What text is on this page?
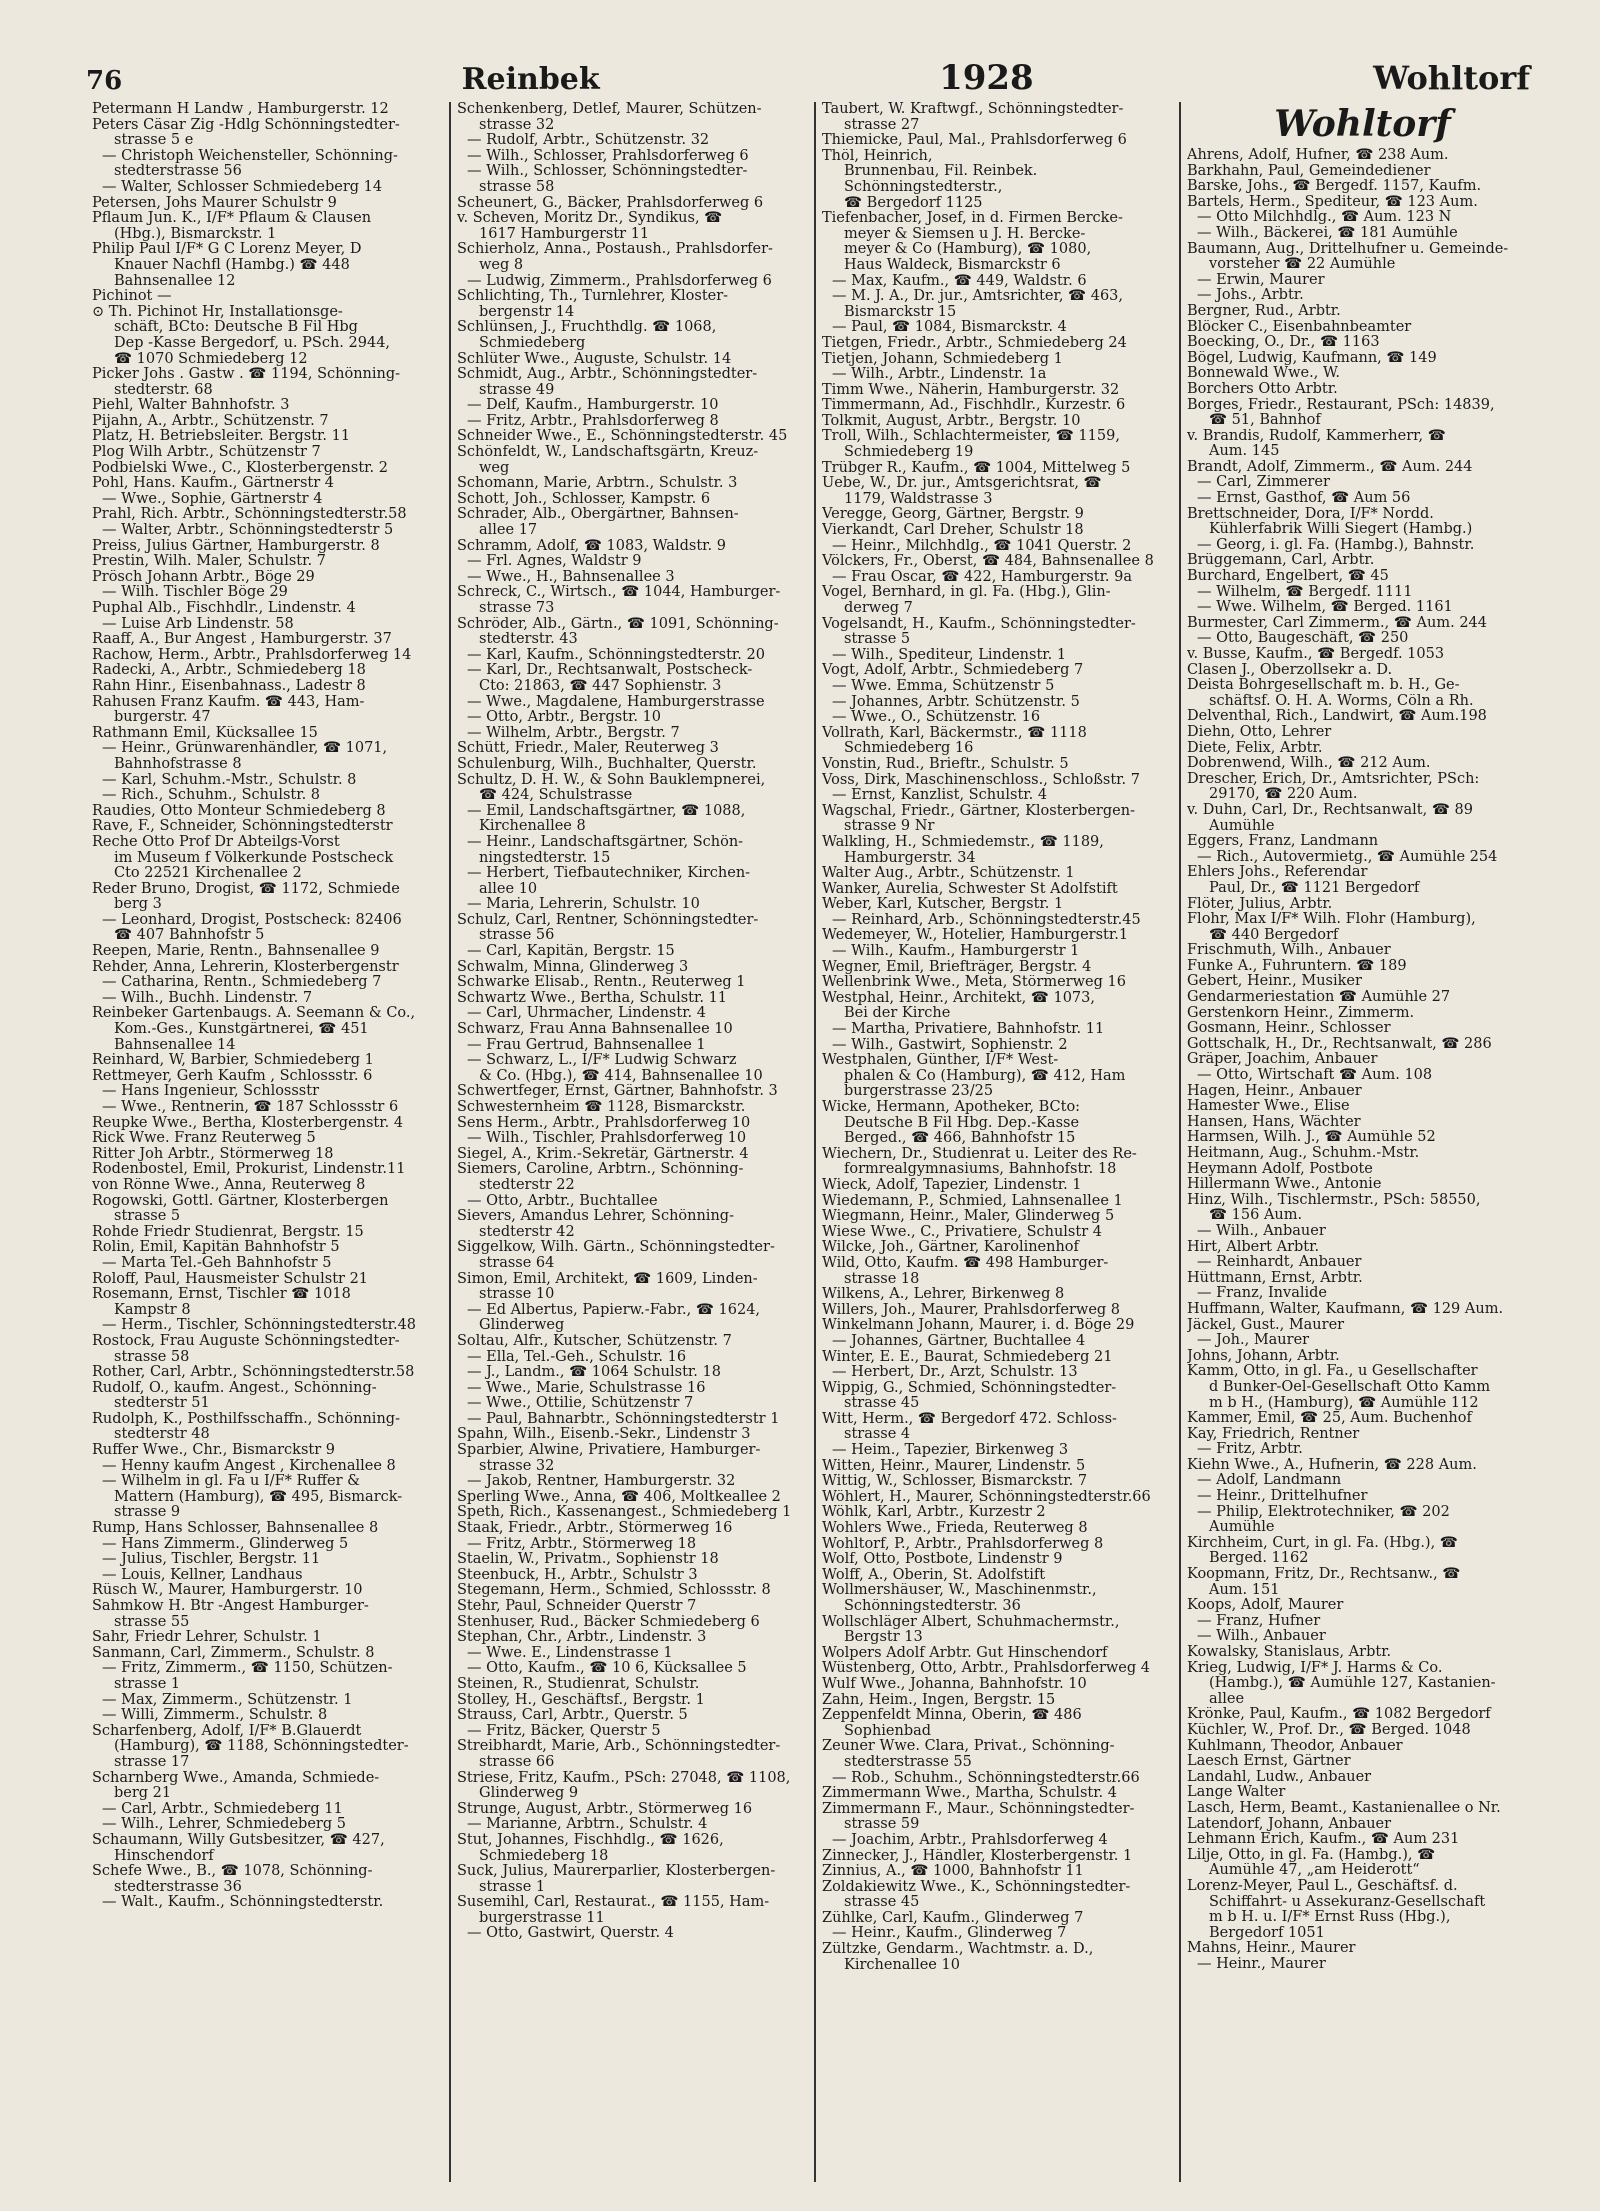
76	Reinbek	1928	Wohltorf
Petermann H Landw , Hamburgerstr. 12
Peters Cäsar Zig -Hdlg Schönningstedter-
strasse 5 e
— Christoph Weichensteller, Schönning-
stedterstrasse 56
— Walter, Schlosser Schmiedeberg 14
Petersen, Johs Maurer Schulstr 9
Pflaum Jun. K., I/F* Pflaum & Clausen
(Hbg.), Bismarckstr. 1
Philip Paul I/F* G C Lorenz Meyer, D
Knauer Nachfl (Hambg.) ☎ 448
Bahnsenallee 12
Pichinot —
⊙ Th. Pichinot Hr, Installationsge-
schäft, BCto: Deutsche B Fil Hbg
Dep -Kasse Bergedorf, u. PSch. 2944,
☎ 1070 Schmiedeberg 12
Picker Johs . Gastw . ☎ 1194, Schönning-
stedterstr. 68
Piehl, Walter Bahnhofstr. 3
Pijahn, A., Arbtr., Schützenstr. 7
Platz, H. Betriebsleiter. Bergstr. 11
Plog Wilh Arbtr., Schützenstr 7
Podbielski Wwe., C., Klosterbergenstr. 2
Pohl, Hans. Kaufm., Gärtnerstr 4
— Wwe., Sophie, Gärtnerstr 4
Prahl, Rich. Arbtr., Schönningstedterstr.58
— Walter, Arbtr., Schönningstedterstr 5
Preiss, Julius Gärtner, Hamburgerstr. 8
Prestin, Wilh. Maler, Schulstr. 7
Prösch Johann Arbtr., Böge 29
— Wilh. Tischler Böge 29
Puphal Alb., Fischhdlr., Lindenstr. 4
— Luise Arb Lindenstr. 58
Raaff, A., Bur Angest , Hamburgerstr. 37
Rachow, Herm., Arbtr., Prahlsdorferweg 14
Radecki, A., Arbtr., Schmiedeberg 18
Rahn Hinr., Eisenbahnass., Ladestr 8
Rahusen Franz Kaufm. ☎ 443, Ham-
burgerstr. 47
Rathmann Emil, Kücksallee 15
— Heinr., Grünwarenhändler, ☎ 1071,
Bahnhofstrasse 8
— Karl, Schuhm.-Mstr., Schulstr. 8
— Rich., Schuhm., Schulstr. 8
Raudies, Otto Monteur Schmiedeberg 8
Rave, F., Schneider, Schönningstedterstr
Reche Otto Prof Dr Abteilgs-Vorst
im Museum f Völkerkunde Postscheck
Cto 22521 Kirchenallee 2
Reder Bruno, Drogist, ☎ 1172, Schmiede
berg 3
— Leonhard, Drogist, Postscheck: 82406
☎ 407 Bahnhofstr 5
Reepen, Marie, Rentn., Bahnsenallee 9
Rehder, Anna, Lehrerin, Klosterbergenstr
— Catharina, Rentn., Schmiedeberg 7
— Wilh., Buchh. Lindenstr. 7
Reinbeker Gartenbaugs. A. Seemann & Co.,
Kom.-Ges., Kunstgärtnerei, ☎ 451
Bahnsenallee 14
Reinhard, W, Barbier, Schmiedeberg 1
Rettmeyer, Gerh Kaufm , Schlossstr. 6
— Hans Ingenieur, Schlossstr
— Wwe., Rentnerin, ☎ 187 Schlossstr 6
Reupke Wwe., Bertha, Klosterbergenstr. 4
Rick Wwe. Franz Reuterweg 5
Ritter Joh Arbtr., Störmerweg 18
Rodenbostel, Emil, Prokurist, Lindenstr.11
von Rönne Wwe., Anna, Reuterweg 8
Rogowski, Gottl. Gärtner, Klosterbergen
strasse 5
Rohde Friedr Studienrat, Bergstr. 15
Rolin, Emil, Kapitän Bahnhofstr 5
— Marta Tel.-Geh Bahnhofstr 5
Roloff, Paul, Hausmeister Schulstr 21
Rosemann, Ernst, Tischler ☎ 1018
Kampstr 8
— Herm., Tischler, Schönningstedterstr.48
Rostock, Frau Auguste Schönningstedter-
strasse 58
Rother, Carl, Arbtr., Schönningstedterstr.58
Rudolf, O., kaufm. Angest., Schönning-
stedterstr 51
Rudolph, K., Posthilfsschaffn., Schönning-
stedterstr 48
Ruffer Wwe., Chr., Bismarckstr 9
— Henny kaufm Angest , Kirchenallee 8
— Wilhelm in gl. Fa u I/F* Ruffer &
Mattern (Hamburg), ☎ 495, Bismarck-
strasse 9
Rump, Hans Schlosser, Bahnsenallee 8
— Hans Zimmerm., Glinderweg 5
— Julius, Tischler, Bergstr. 11
— Louis, Kellner, Landhaus
Rüsch W., Maurer, Hamburgerstr. 10
Sahmkow H. Btr -Angest Hamburger-
strasse 55
Sahr, Friedr Lehrer, Schulstr. 1
Sanmann, Carl, Zimmerm., Schulstr. 8
— Fritz, Zimmerm., ☎ 1150, Schützen-
strasse 1
— Max, Zimmerm., Schützenstr. 1
— Willi, Zimmerm., Schulstr. 8
Scharfenberg, Adolf, I/F* B.Glauerdt
(Hamburg), ☎ 1188, Schönningstedter-
strasse 17
Scharnberg Wwe., Amanda, Schmiede-
berg 21
— Carl, Arbtr., Schmiedeberg 11
— Wilh., Lehrer, Schmiedeberg 5
Schaumann, Willy Gutsbesitzer, ☎ 427,
Hinschendorf
Schefe Wwe., B., ☎ 1078, Schönning-
stedterstrasse 36
— Walt., Kaufm., Schönningstedterstr.
Schenkenberg, Detlef, Maurer, Schützen-
strasse 32
— Rudolf, Arbtr., Schützenstr. 32
— Wilh., Schlosser, Prahlsdorferweg 6
— Wilh., Schlosser, Schönningstedter-
strasse 58
Scheunert, G., Bäcker, Prahlsdorferweg 6
v. Scheven, Moritz Dr., Syndikus, ☎
1617 Hamburgerstr 11
Schierholz, Anna., Postaush., Prahlsdorfer-
weg 8
— Ludwig, Zimmerm., Prahlsdorferweg 6
Schlichting, Th., Turnlehrer, Kloster-
bergenstr 14
Schlünsen, J., Fruchthdlg. ☎ 1068,
Schmiedeberg
Schlüter Wwe., Auguste, Schulstr. 14
Schmidt, Aug., Arbtr., Schönningstedter-
strasse 49
— Delf, Kaufm., Hamburgerstr. 10
— Fritz, Arbtr., Prahlsdorferweg 8
Schneider Wwe., E., Schönningstedterstr. 45
Schönfeldt, W., Landschaftsgärtn, Kreuz-
weg
Schomann, Marie, Arbtrn., Schulstr. 3
Schott, Joh., Schlosser, Kampstr. 6
Schrader, Alb., Obergärtner, Bahnsen-
allee 17
Schramm, Adolf, ☎ 1083, Waldstr. 9
— Frl. Agnes, Waldstr 9
— Wwe., H., Bahnsenallee 3
Schreck, C., Wirtsch., ☎ 1044, Hamburger-
strasse 73
Schröder, Alb., Gärtn., ☎ 1091, Schönning-
stedterstr. 43
— Karl, Kaufm., Schönningstedterstr. 20
— Karl, Dr., Rechtsanwalt, Postscheck-
Cto: 21863, ☎ 447 Sophienstr. 3
— Wwe., Magdalene, Hamburgerstrasse
— Otto, Arbtr., Bergstr. 10
— Wilhelm, Arbtr., Bergstr. 7
Schütt, Friedr., Maler, Reuterweg 3
Schulenburg, Wilh., Buchhalter, Querstr.
Schultz, D. H. W., & Sohn Bauklempnerei,
☎ 424, Schulstrasse
— Emil, Landschaftsgärtner, ☎ 1088,
Kirchenallee 8
— Heinr., Landschaftsgärtner, Schön-
ningstedterstr. 15
— Herbert, Tiefbautechniker, Kirchen-
allee 10
— Maria, Lehrerin, Schulstr. 10
Schulz, Carl, Rentner, Schönningstedter-
strasse 56
— Carl, Kapitän, Bergstr. 15
Schwalm, Minna, Glinderweg 3
Schwarke Elisab., Rentn., Reuterweg 1
Schwartz Wwe., Bertha, Schulstr. 11
— Carl, Uhrmacher, Lindenstr. 4
Schwarz, Frau Anna Bahnsenallee 10
— Frau Gertrud, Bahnsenallee 1
— Schwarz, L., I/F* Ludwig Schwarz
& Co. (Hbg.), ☎ 414, Bahnsenallee 10
Schwertfeger, Ernst, Gärtner, Bahnhofstr. 3
Schwesternheim ☎ 1128, Bismarckstr.
Sens Herm., Arbtr., Prahlsdorferweg 10
— Wilh., Tischler, Prahlsdorferweg 10
Siegel, A., Krim.-Sekretär, Gärtnerstr. 4
Siemers, Caroline, Arbtrn., Schönning-
stedterstr 22
— Otto, Arbtr., Buchtallee
Sievers, Amandus Lehrer, Schönning-
stedterstr 42
Siggelkow, Wilh. Gärtn., Schönningstedter-
strasse 64
Simon, Emil, Architekt, ☎ 1609, Linden-
strasse 10
— Ed Albertus, Papierw.-Fabr., ☎ 1624,
Glinderweg
Soltau, Alfr., Kutscher, Schützenstr. 7
— Ella, Tel.-Geh., Schulstr. 16
— J., Landm., ☎ 1064 Schulstr. 18
— Wwe., Marie, Schulstrasse 16
— Wwe., Ottilie, Schützenstr 7
— Paul, Bahnarbtr., Schönningstedterstr 1
Spahn, Wilh., Eisenb.-Sekr., Lindenstr 3
Sparbier, Alwine, Privatiere, Hamburger-
strasse 32
— Jakob, Rentner, Hamburgerstr. 32
Sperling Wwe., Anna, ☎ 406, Moltkeallee 2
Speth, Rich., Kassenangest., Schmiedeberg 1
Staak, Friedr., Arbtr., Störmerweg 16
— Fritz, Arbtr., Störmerweg 18
Staelin, W., Privatm., Sophienstr 18
Steenbuck, H., Arbtr., Schulstr 3
Stegemann, Herm., Schmied, Schlossstr. 8
Stehr, Paul, Schneider Querstr 7
Stenhuser, Rud., Bäcker Schmiedeberg 6
Stephan, Chr., Arbtr., Lindenstr. 3
— Wwe. E., Lindenstrasse 1
— Otto, Kaufm., ☎ 10 6, Kücksallee 5
Steinen, R., Studienrat, Schulstr.
Stolley, H., Geschäftsf., Bergstr. 1
Strauss, Carl, Arbtr., Querstr. 5
— Fritz, Bäcker, Querstr 5
Streibhardt, Marie, Arb., Schönningstedter-
strasse 66
Striese, Fritz, Kaufm., PSch: 27048, ☎ 1108,
Glinderweg 9
Strunge, August, Arbtr., Störmerweg 16
— Marianne, Arbtrn., Schulstr. 4
Stut, Johannes, Fischhdlg., ☎ 1626,
Schmiedeberg 18
Suck, Julius, Maurerparlier, Klosterbergen-
strasse 1
Susemihl, Carl, Restaurat., ☎ 1155, Ham-
burgerstrasse 11
— Otto, Gastwirt, Querstr. 4
Taubert, W. Kraftwgf., Schönningstedter-
strasse 27
Thiemicke, Paul, Mal., Prahlsdorferweg 6
Thöl, Heinrich,
Brunnenbau, Fil. Reinbek.
Schönningstedterstr.,
☎ Bergedorf 1125
Tiefenbacher, Josef, in d. Firmen Bercke-
meyer & Siemsen u J. H. Bercke-
meyer & Co (Hamburg), ☎ 1080,
Haus Waldeck, Bismarckstr 6
— Max, Kaufm., ☎ 449, Waldstr. 6
— M. J. A., Dr. jur., Amtsrichter, ☎ 463,
Bismarckstr 15
— Paul, ☎ 1084, Bismarckstr. 4
Tietgen, Friedr., Arbtr., Schmiedeberg 24
Tietjen, Johann, Schmiedeberg 1
— Wilh., Arbtr., Lindenstr. 1a
Timm Wwe., Näherin, Hamburgerstr. 32
Timmermann, Ad., Fischhdlr., Kurzestr. 6
Tolkmit, August, Arbtr., Bergstr. 10
Troll, Wilh., Schlachtermeister, ☎ 1159,
Schmiedeberg 19
Trübger R., Kaufm., ☎ 1004, Mittelweg 5
Uebe, W., Dr. jur., Amtsgerichtsrat, ☎
1179, Waldstrasse 3
Veregge, Georg, Gärtner, Bergstr. 9
Vierkandt, Carl Dreher, Schulstr 18
— Heinr., Milchhdlg., ☎ 1041 Querstr. 2
Völckers, Fr., Oberst, ☎ 484, Bahnsenallee 8
— Frau Oscar, ☎ 422, Hamburgerstr. 9a
Vogel, Bernhard, in gl. Fa. (Hbg.), Glin-
derweg 7
Vogelsandt, H., Kaufm., Schönningstedter-
strasse 5
— Wilh., Spediteur, Lindenstr. 1
Vogt, Adolf, Arbtr., Schmiedeberg 7
— Wwe. Emma, Schützenstr 5
— Johannes, Arbtr. Schützenstr. 5
— Wwe., O., Schützenstr. 16
Vollrath, Karl, Bäckermstr., ☎ 1118
Schmiedeberg 16
Vonstin, Rud., Brieftr., Schulstr. 5
Voss, Dirk, Maschinenschloss., Schloßstr. 7
— Ernst, Kanzlist, Schulstr. 4
Wagschal, Friedr., Gärtner, Klosterbergen-
strasse 9 Nr
Walkling, H., Schmiedemstr., ☎ 1189,
Hamburgerstr. 34
Walter Aug., Arbtr., Schützenstr. 1
Wanker, Aurelia, Schwester St Adolfstift
Weber, Karl, Kutscher, Bergstr. 1
— Reinhard, Arb., Schönningstedterstr.45
Wedemeyer, W., Hotelier, Hamburgerstr.1
— Wilh., Kaufm., Hamburgerstr 1
Wegner, Emil, Briefträger, Bergstr. 4
Wellenbrink Wwe., Meta, Störmerweg 16
Westphal, Heinr., Architekt, ☎ 1073,
Bei der Kirche
— Martha, Privatiere, Bahnhofstr. 11
— Wilh., Gastwirt, Sophienstr. 2
Westphalen, Günther, I/F* West-
phalen & Co (Hamburg), ☎ 412, Ham
burgerstrasse 23/25
Wicke, Hermann, Apotheker, BCto:
Deutsche B Fil Hbg. Dep.-Kasse
Berged., ☎ 466, Bahnhofstr 15
Wiechern, Dr., Studienrat u. Leiter des Re-
formrealgymnasiums, Bahnhofstr. 18
Wieck, Adolf, Tapezier, Lindenstr. 1
Wiedemann, P., Schmied, Lahnsenallee 1
Wiegmann, Heinr., Maler, Glinderweg 5
Wiese Wwe., C., Privatiere, Schulstr 4
Wilcke, Joh., Gärtner, Karolinenhof
Wild, Otto, Kaufm. ☎ 498 Hamburger-
strasse 18
Wilkens, A., Lehrer, Birkenweg 8
Willers, Joh., Maurer, Prahlsdorferweg 8
Winkelmann Johann, Maurer, i. d. Böge 29
— Johannes, Gärtner, Buchtallee 4
Winter, E. E., Baurat, Schmiedeberg 21
— Herbert, Dr., Arzt, Schulstr. 13
Wippig, G., Schmied, Schönningstedter-
strasse 45
Witt, Herm., ☎ Bergedorf 472. Schloss-
strasse 4
— Heim., Tapezier, Birkenweg 3
Witten, Heinr., Maurer, Lindenstr. 5
Wittig, W., Schlosser, Bismarckstr. 7
Wöhlert, H., Maurer, Schönningstedterstr.66
Wöhlk, Karl, Arbtr., Kurzestr 2
Wohlers Wwe., Frieda, Reuterweg 8
Wohltorf, P., Arbtr., Prahlsdorferweg 8
Wolf, Otto, Postbote, Lindenstr 9
Wolff, A., Oberin, St. Adolfstift
Wollmershäuser, W., Maschinenmstr.,
Schönningstedterstr. 36
Wollschläger Albert, Schuhmachermstr.,
Bergstr 13
Wolpers Adolf Arbtr. Gut Hinschendorf
Wüstenberg, Otto, Arbtr., Prahlsdorferweg 4
Wulf Wwe., Johanna, Bahnhofstr. 10
Zahn, Heim., Ingen, Bergstr. 15
Zeppenfeldt Minna, Oberin, ☎ 486
Sophienbad
Zeuner Wwe. Clara, Privat., Schönning-
stedterstrasse 55
— Rob., Schuhm., Schönningstedterstr.66
Zimmermann Wwe., Martha, Schulstr. 4
Zimmermann F., Maur., Schönningstedter-
strasse 59
— Joachim, Arbtr., Prahlsdorferweg 4
Zinnecker, J., Händler, Klosterbergenstr. 1
Zinnius, A., ☎ 1000, Bahnhofstr 11
Zoldakiewitz Wwe., K., Schönningstedter-
strasse 45
Zühlke, Carl, Kaufm., Glinderweg 7
— Heinr., Kaufm., Glinderweg 7
Zültzke, Gendarm., Wachtmstr. a. D.,
Kirchenallee 10
Wohltorf
Ahrens, Adolf, Hufner, ☎ 238 Aum.
Barkhahn, Paul, Gemeindediener
Barske, Johs., ☎ Bergedf. 1157, Kaufm.
Bartels, Herm., Spediteur, ☎ 123 Aum.
— Otto Milchhdlg., ☎ Aum. 123 N
— Wilh., Bäckerei, ☎ 181 Aumühle
Baumann, Aug., Drittelhufner u. Gemeinde-
vorsteher ☎ 22 Aumühle
— Erwin, Maurer
— Johs., Arbtr.
Bergner, Rud., Arbtr.
Blöcker C., Eisenbahnbeamter
Boecking, O., Dr., ☎ 1163
Bögel, Ludwig, Kaufmann, ☎ 149
Bonnewald Wwe., W.
Borchers Otto Arbtr.
Borges, Friedr., Restaurant, PSch: 14839,
☎ 51, Bahnhof
v. Brandis, Rudolf, Kammerherr, ☎
Aum. 145
Brandt, Adolf, Zimmerm., ☎ Aum. 244
— Carl, Zimmerer
— Ernst, Gasthof, ☎ Aum 56
Brettschneider, Dora, I/F* Nordd.
Kühlerfabrik Willi Siegert (Hambg.)
— Georg, i. gl. Fa. (Hambg.), Bahnstr.
Brüggemann, Carl, Arbtr.
Burchard, Engelbert, ☎ 45
— Wilhelm, ☎ Bergedf. 1111
— Wwe. Wilhelm, ☎ Berged. 1161
Burmester, Carl Zimmerm., ☎ Aum. 244
— Otto, Baugeschäft, ☎ 250
v. Busse, Kaufm., ☎ Bergedf. 1053
Clasen J., Oberzollsekr a. D.
Deista Bohrgesellschaft m. b. H., Ge-
schäftsf. O. H. A. Worms, Cöln a Rh.
Delventhal, Rich., Landwirt, ☎ Aum.198
Diehn, Otto, Lehrer
Diete, Felix, Arbtr.
Dobrenwend, Wilh., ☎ 212 Aum.
Drescher, Erich, Dr., Amtsrichter, PSch:
29170, ☎ 220 Aum.
v. Duhn, Carl, Dr., Rechtsanwalt, ☎ 89
Aumühle
Eggers, Franz, Landmann
— Rich., Autovermietg., ☎ Aumühle 254
Ehlers Johs., Referendar
Paul, Dr., ☎ 1121 Bergedorf
Flöter, Julius, Arbtr.
Flohr, Max I/F* Wilh. Flohr (Hamburg),
☎ 440 Bergedorf
Frischmuth, Wilh., Anbauer
Funke A., Fuhruntern. ☎ 189
Gebert, Heinr., Musiker
Gendarmeriestation ☎ Aumühle 27
Gerstenkorn Heinr., Zimmerm.
Gosmann, Heinr., Schlosser
Gottschalk, H., Dr., Rechtsanwalt, ☎ 286
Gräper, Joachim, Anbauer
— Otto, Wirtschaft ☎ Aum. 108
Hagen, Heinr., Anbauer
Hamester Wwe., Elise
Hansen, Hans, Wächter
Harmsen, Wilh. J., ☎ Aumühle 52
Heitmann, Aug., Schuhm.-Mstr.
Heymann Adolf, Postbote
Hillermann Wwe., Antonie
Hinz, Wilh., Tischlermstr., PSch: 58550,
☎ 156 Aum.
— Wilh., Anbauer
Hirt, Albert Arbtr.
— Reinhardt, Anbauer
Hüttmann, Ernst, Arbtr.
— Franz, Invalide
Huffmann, Walter, Kaufmann, ☎ 129 Aum.
Jäckel, Gust., Maurer
— Joh., Maurer
Johns, Johann, Arbtr.
Kamm, Otto, in gl. Fa., u Gesellschafter
d Bunker-Oel-Gesellschaft Otto Kamm
m b H., (Hamburg), ☎ Aumühle 112
Kammer, Emil, ☎ 25, Aum. Buchenhof
Kay, Friedrich, Rentner
— Fritz, Arbtr.
Kiehn Wwe., A., Hufnerin, ☎ 228 Aum.
— Adolf, Landmann
— Heinr., Drittelhufner
— Philip, Elektrotechniker, ☎ 202
Aumühle
Kirchheim, Curt, in gl. Fa. (Hbg.), ☎
Berged. 1162
Koopmann, Fritz, Dr., Rechtsanw., ☎
Aum. 151
Koops, Adolf, Maurer
— Franz, Hufner
— Wilh., Anbauer
Kowalsky, Stanislaus, Arbtr.
Krieg, Ludwig, I/F* J. Harms & Co.
(Hambg.), ☎ Aumühle 127, Kastanien-
allee
Krönke, Paul, Kaufm., ☎ 1082 Bergedorf
Küchler, W., Prof. Dr., ☎ Berged. 1048
Kuhlmann, Theodor, Anbauer
Laesch Ernst, Gärtner
Landahl, Ludw., Anbauer
Lange Walter
Lasch, Herm, Beamt., Kastanienallee o Nr.
Latendorf, Johann, Anbauer
Lehmann Erich, Kaufm., ☎ Aum 231
Lilje, Otto, in gl. Fa. (Hambg.), ☎
Aumühle 47, „am Heiderott“
Lorenz-Meyer, Paul L., Geschäftsf. d.
Schiffahrt- u Assekuranz-Gesellschaft
m b H. u. I/F* Ernst Russ (Hbg.),
Bergedorf 1051
Mahns, Heinr., Maurer
— Heinr., Maurer
